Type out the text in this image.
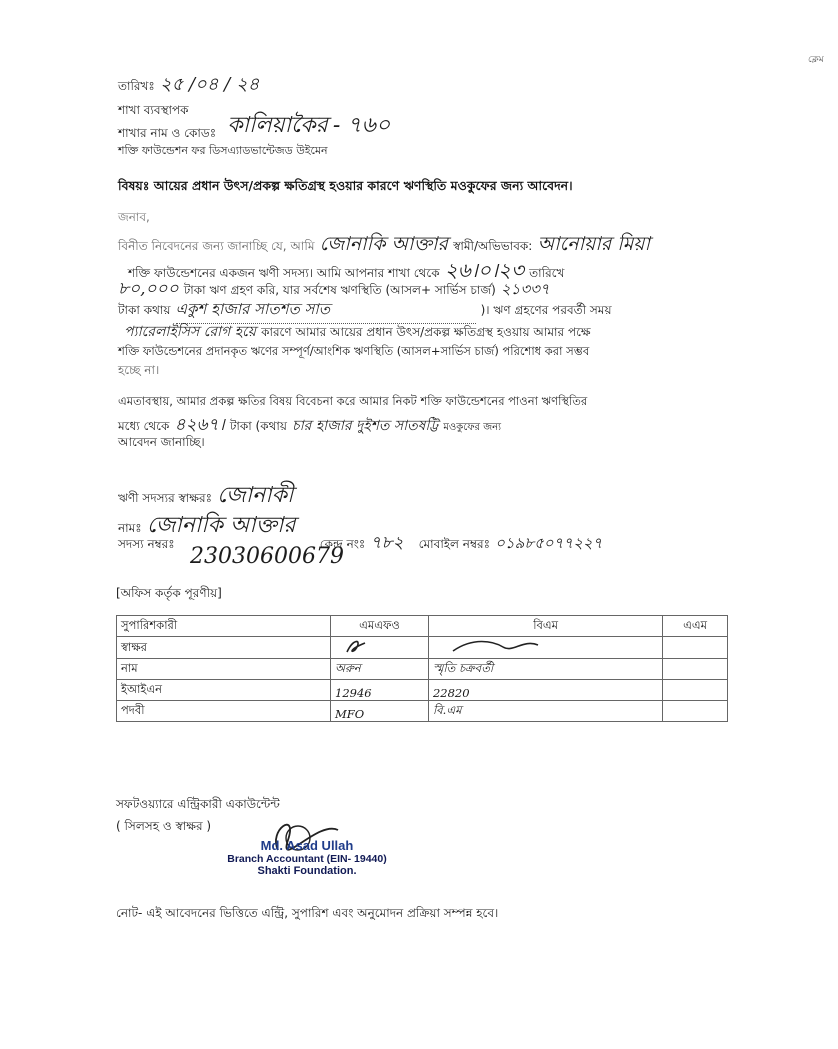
ক্লেম
তারিখঃ ২৫ /০৪ / ২৪
শাখা ব্যবস্থাপক
শাখার নাম ও কোডঃ কালিয়াকৈর - ৭৬০
শক্তি ফাউন্ডেশন ফর ডিসএ্যাডভান্টেজড উইমেন
বিষয়ঃ আয়ের প্রধান উৎস/প্রকল্প ক্ষতিগ্রস্থ হওয়ার কারণে ঋণস্থিতি মওকুফের জন্য আবেদন।
জনাব,
বিনীত নিবেদনের জন্য জানাচ্ছি যে, আমি জোনাকি আক্তার স্বামী/অভিভাবক: আনোয়ার মিয়া
শক্তি ফাউন্ডেশনের একজন ঋণী সদস্য। আমি আপনার শাখা থেকে ২৬।০।২৩ তারিখে
৮০,০০০ টাকা ঋণ গ্রহণ করি, যার সর্বশেষ ঋণস্থিতি (আসল+ সার্ভিস চার্জ) ২১৩৩৭
টাকা কথায় একুশ হাজার সাতশত সাত	)। ঋণ গ্রহণের পরবর্তী সময়
প্যারেলাইসিস রোগ হয়ে কারণে আমার আয়ের প্রধান উৎস/প্রকল্প ক্ষতিগ্রস্থ হওয়ায় আমার পক্ষে
শক্তি ফাউন্ডেশনের প্রদানকৃত ঋণের সম্পূর্ণ/আংশিক ঋণস্থিতি (আসল+সার্ভিস চার্জ) পরিশোধ করা সম্ভব
হচ্ছে না।
এমতাবস্থায়, আমার প্রকল্প ক্ষতির বিষয় বিবেচনা করে আমার নিকট শক্তি ফাউন্ডেশনের পাওনা ঋণস্থিতির
মধ্যে থেকে ৪২৬৭। টাকা (কথায় চার হাজার দুইশত সাতষট্টি মওকুফের জন্য
আবেদন জানাচ্ছি।
ঋণী সদস্যর স্বাক্ষরঃ জোনাকী
নামঃ জোনাকি আক্তার
সদস্য নম্বরঃ	কেন্দ্র নংঃ ৭৮২ মোবাইল নম্বরঃ ০১৯৮৫০৭৭২২৭
23030600679
[অফিস কর্তৃক পূরণীয়]
সুপারিশকারী	এমএফও	বিএম	এএম
স্বাক্ষর			
নাম	অরুন	স্মৃতি চক্রবর্তী	
ইআইএন	12946	22820	
পদবী	MFO	বি.এম	
সফটওয়্যারে এন্ট্রিকারী একাউন্টেন্ট
( সিলসহ ও স্বাক্ষর )
Md. Asad Ullah
Branch Accountant (EIN- 19440)
Shakti Foundation.
নোট- এই আবেদনের ভিত্তিতে এন্ট্রি, সুপারিশ এবং অনুমোদন প্রক্রিয়া সম্পন্ন হবে।
